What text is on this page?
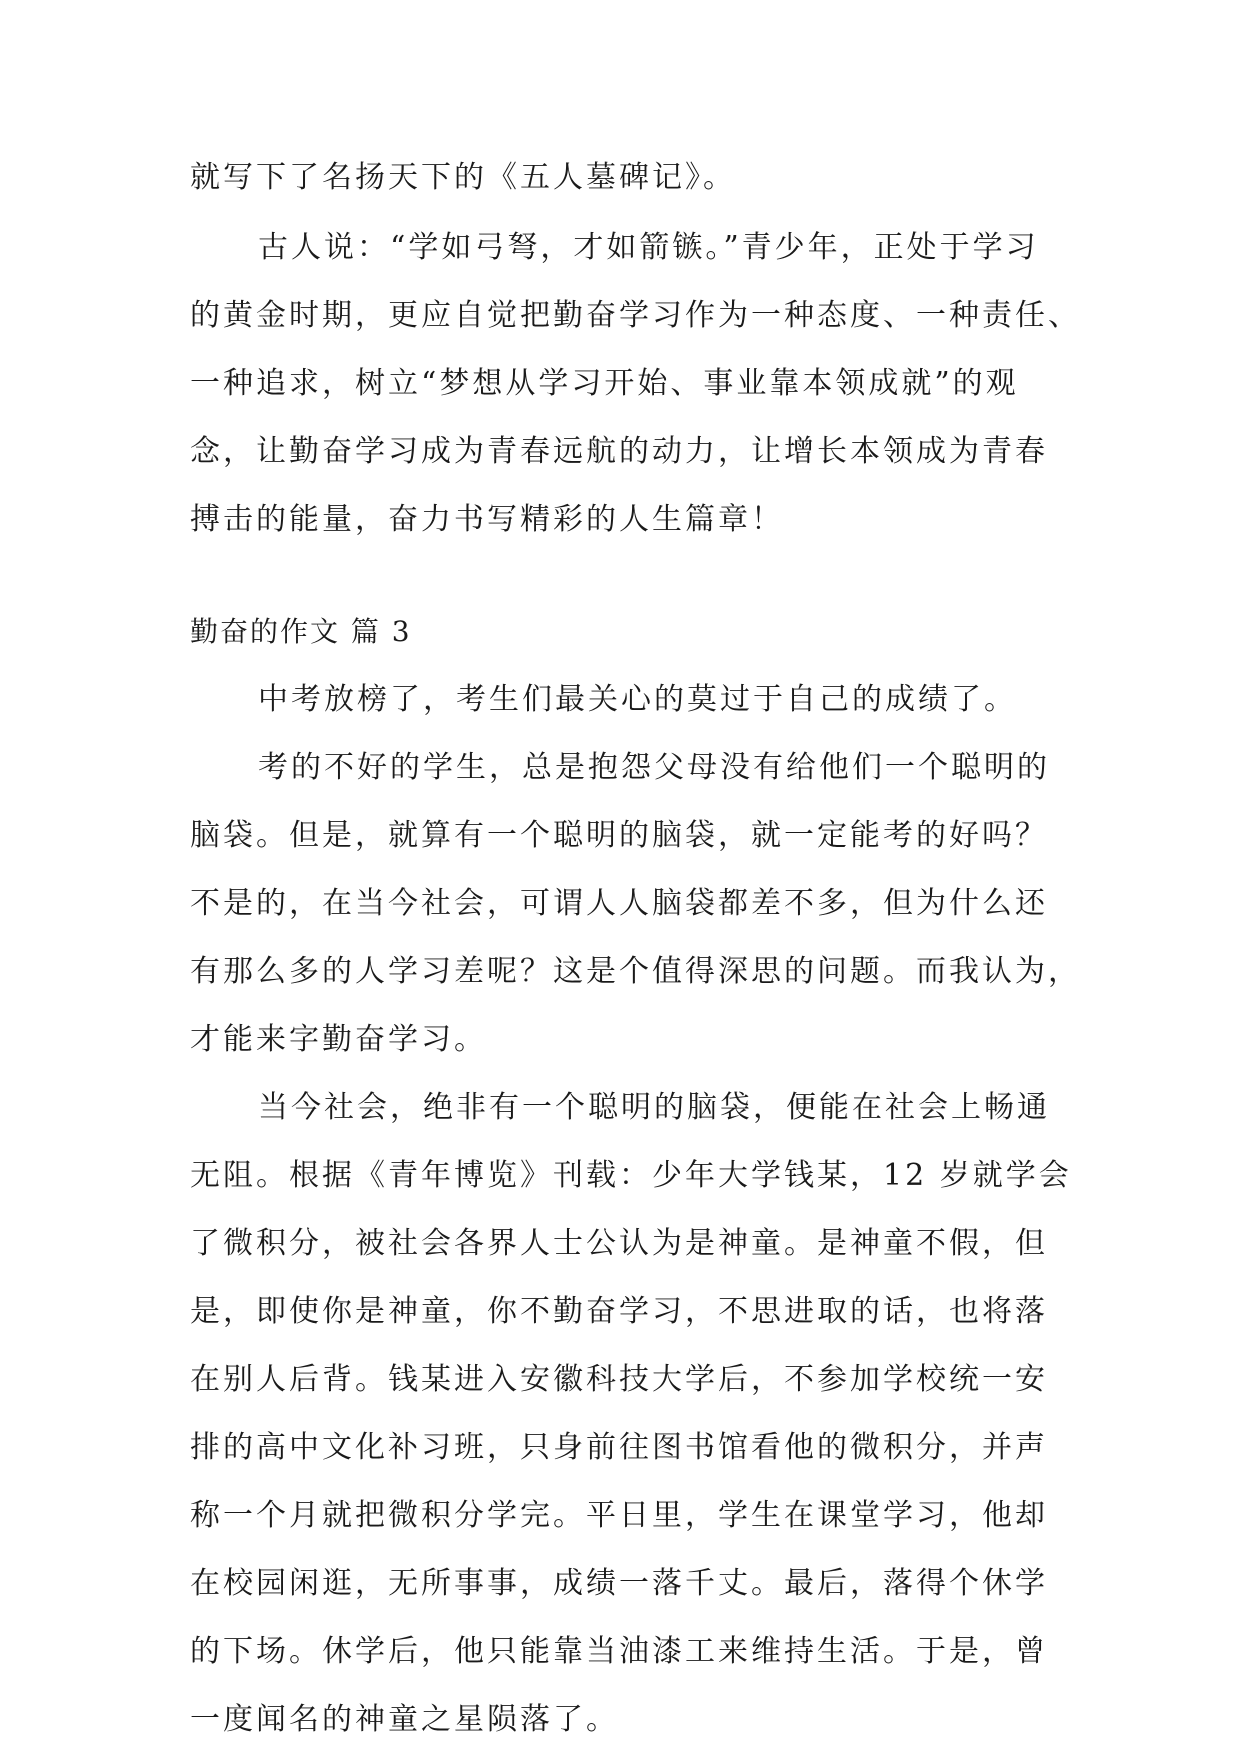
就写下了名扬天下的《五人墓碑记》。
古人说：“学如弓弩，才如箭镞。”青少年，正处于学习
的黄金时期，更应自觉把勤奋学习作为一种态度、一种责任、
一种追求，树立“梦想从学习开始、事业靠本领成就”的观
念，让勤奋学习成为青春远航的动力，让增长本领成为青春
搏击的能量，奋力书写精彩的人生篇章！
勤奋的作文 篇 3
中考放榜了，考生们最关心的莫过于自己的成绩了。
考的不好的学生，总是抱怨父母没有给他们一个聪明的
脑袋。但是，就算有一个聪明的脑袋，就一定能考的好吗？
不是的，在当今社会，可谓人人脑袋都差不多，但为什么还
有那么多的人学习差呢？这是个值得深思的问题。而我认为，
才能来字勤奋学习。
当今社会，绝非有一个聪明的脑袋，便能在社会上畅通
无阻。根据《青年博览》刊载：少年大学钱某，12 岁就学会
了微积分，被社会各界人士公认为是神童。是神童不假，但
是，即使你是神童，你不勤奋学习，不思进取的话，也将落
在别人后背。钱某进入安徽科技大学后，不参加学校统一安
排的高中文化补习班，只身前往图书馆看他的微积分，并声
称一个月就把微积分学完。平日里，学生在课堂学习，他却
在校园闲逛，无所事事，成绩一落千丈。最后，落得个休学
的下场。休学后，他只能靠当油漆工来维持生活。于是，曾
一度闻名的神童之星陨落了。
